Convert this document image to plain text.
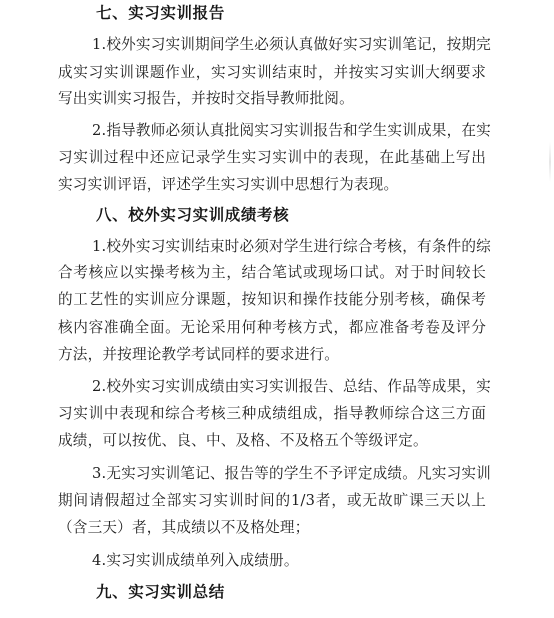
七、实习实训报告
1.校外实习实训期间学生必须认真做好实习实训笔记，按期完
成实习实训课题作业，实习实训结束时，并按实习实训大纲要求
写出实训实习报告，并按时交指导教师批阅。
2.指导教师必须认真批阅实习实训报告和学生实训成果，在实
习实训过程中还应记录学生实习实训中的表现，在此基础上写出
实习实训评语，评述学生实习实训中思想行为表现。
八、校外实习实训成绩考核
1.校外实习实训结束时必须对学生进行综合考核，有条件的综
合考核应以实操考核为主，结合笔试或现场口试。对于时间较长
的工艺性的实训应分课题，按知识和操作技能分别考核，确保考
核内容准确全面。无论采用何种考核方式，都应准备考卷及评分
方法，并按理论教学考试同样的要求进行。
2.校外实习实训成绩由实习实训报告、总结、作品等成果，实
习实训中表现和综合考核三种成绩组成，指导教师综合这三方面
成绩，可以按优、良、中、及格、不及格五个等级评定。
3.无实习实训笔记、报告等的学生不予评定成绩。凡实习实训
期间请假超过全部实习实训时间的1/3者，或无故旷课三天以上
（含三天）者，其成绩以不及格处理；
4.实习实训成绩单列入成绩册。
九、实习实训总结
